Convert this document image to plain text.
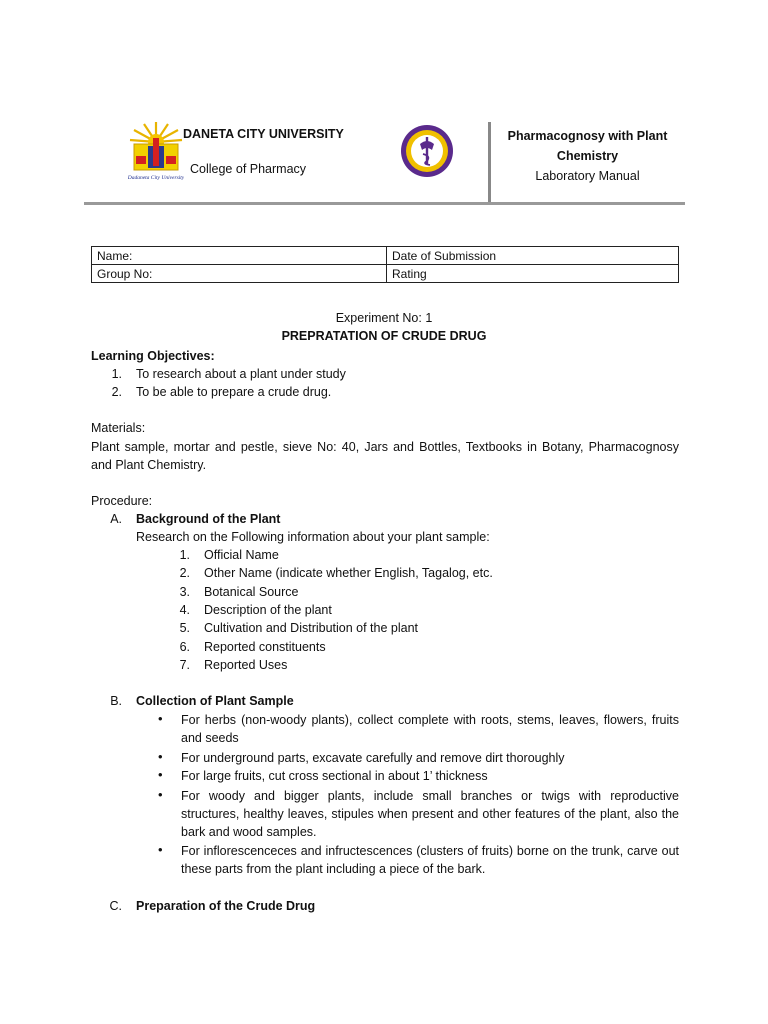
Dadaneta City University
DANETA CITY UNIVERSITY
College of Pharmacy
Pharmacognosy with Plant
Chemistry
Laboratory Manual
Name:	Date of Submission
Group No:	Rating
Experiment No: 1
PREPRATATION OF CRUDE DRUG
Learning Objectives:
1. To research about a plant under study
2. To be able to prepare a crude drug.
Materials:
Plant sample, mortar and pestle, sieve No: 40, Jars and Bottles, Textbooks in Botany, Pharmacognosy and Plant Chemistry.
Procedure:
A. Background of the Plant
Research on the Following information about your plant sample:
1. Official Name
2. Other Name (indicate whether English, Tagalog, etc.
3. Botanical Source
4. Description of the plant
5. Cultivation and Distribution of the plant
6. Reported constituents
7. Reported Uses
B. Collection of Plant Sample
• For herbs (non-woody plants), collect complete with roots, stems, leaves, flowers, fruits and seeds
• For underground parts, excavate carefully and remove dirt thoroughly
• For large fruits, cut cross sectional in about 1’ thickness
• For woody and bigger plants, include small branches or twigs with reproductive structures, healthy leaves, stipules when present and other features of the plant, also the bark and wood samples.
• For inflorescenceces and infructescences (clusters of fruits) borne on the trunk, carve out these parts from the plant including a piece of the bark.
C. Preparation of the Crude Drug
